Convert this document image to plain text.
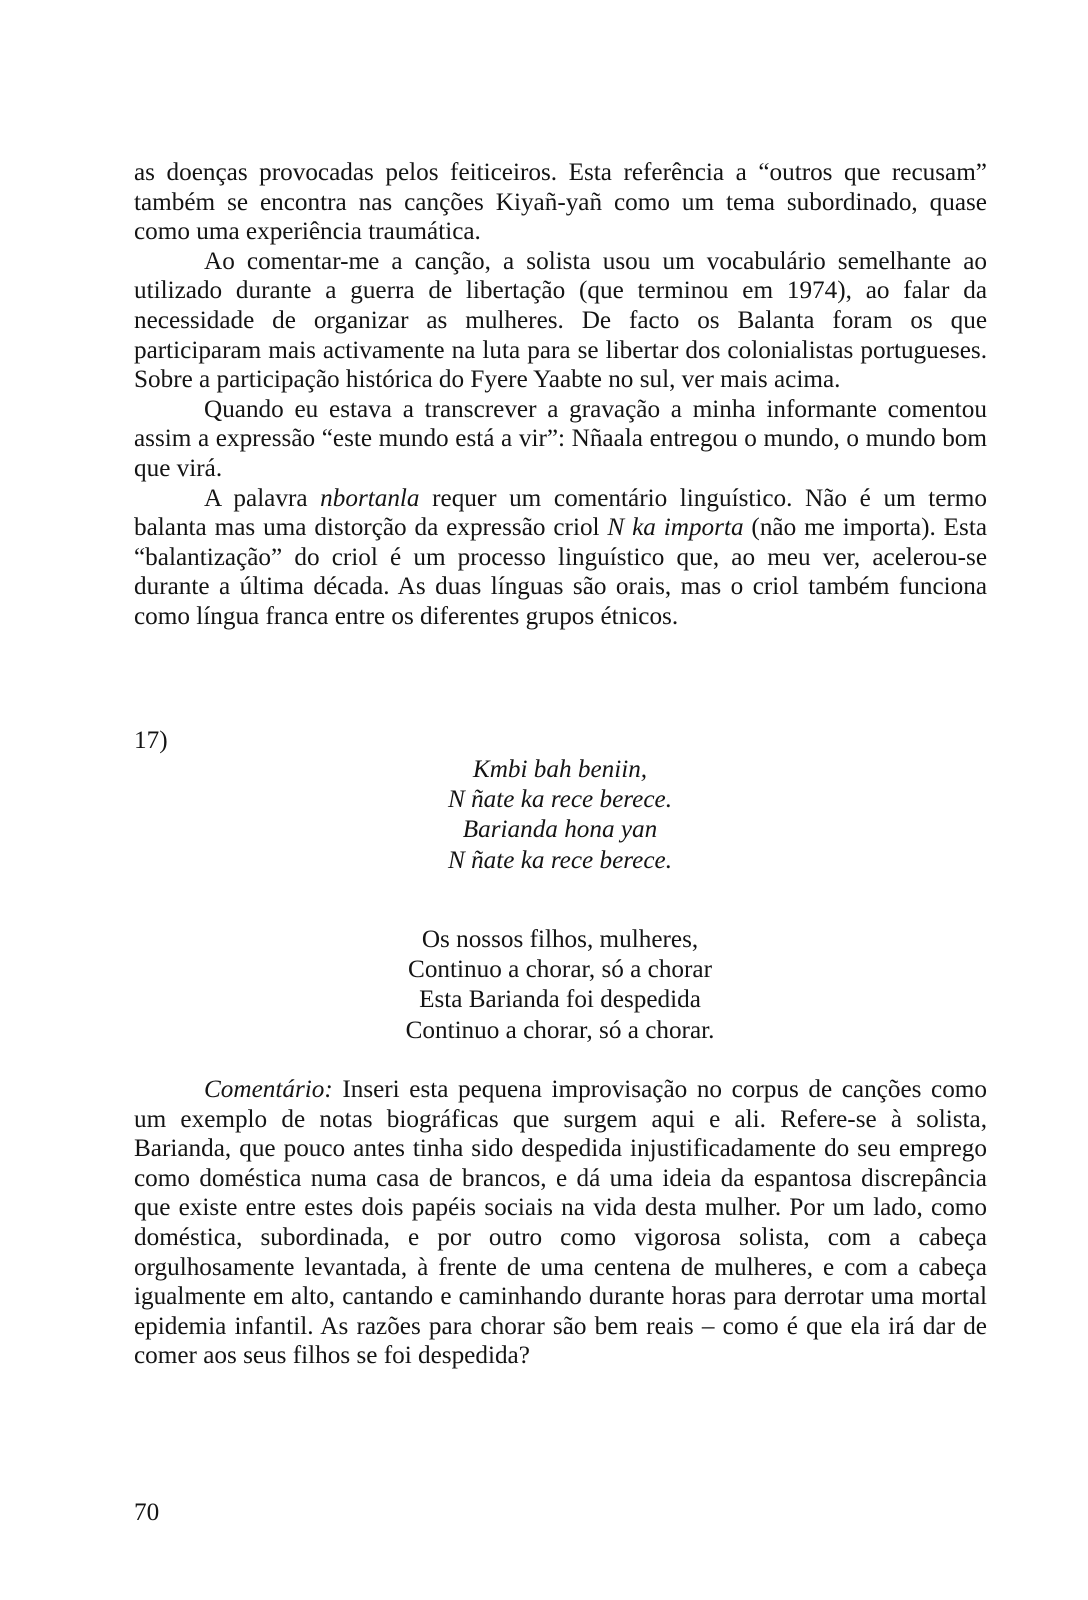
as doenças provocadas pelos feiticeiros. Esta referência a “outros que recusam” também se encontra nas canções Kiyañ-yañ como um tema subordinado, quase como uma experiência traumática.

Ao comentar-me a canção, a solista usou um vocabulário semelhante ao utilizado durante a guerra de libertação (que terminou em 1974), ao falar da necessidade de organizar as mulheres. De facto os Balanta foram os que participaram mais activamente na luta para se libertar dos colonialistas portugueses. Sobre a participação histórica do Fyere Yaabte no sul, ver mais acima.

Quando eu estava a transcrever a gravação a minha informante comentou assim a expressão “este mundo está a vir”: Nñaala entregou o mundo, o mundo bom que virá.

A palavra nbortanla requer um comentário linguístico. Não é um termo balanta mas uma distorção da expressão criol N ka importa (não me importa). Esta “balantização” do criol é um processo linguístico que, ao meu ver, acelerou-se durante a última década. As duas línguas são orais, mas o criol também funciona como língua franca entre os diferentes grupos étnicos.

17)
Kmbi bah beniin,
N ñate ka rece berece.
Barianda hona yan
N ñate ka rece berece.
Os nossos filhos, mulheres,
Continuo a chorar, só a chorar
Esta Barianda foi despedida
Continuo a chorar, só a chorar.

Comentário: Inseri esta pequena improvisação no corpus de canções como um exemplo de notas biográficas que surgem aqui e ali. Refere-se à solista, Barianda, que pouco antes tinha sido despedida injustificadamente do seu emprego como doméstica numa casa de brancos, e dá uma ideia da espantosa discrepância que existe entre estes dois papéis sociais na vida desta mulher. Por um lado, como doméstica, subordinada, e por outro como vigorosa solista, com a cabeça orgulhosamente levantada, à frente de uma centena de mulheres, e com a cabeça igualmente em alto, cantando e caminhando durante horas para derrotar uma mortal epidemia infantil. As razões para chorar são bem reais – como é que ela irá dar de comer aos seus filhos se foi despedida?

70
